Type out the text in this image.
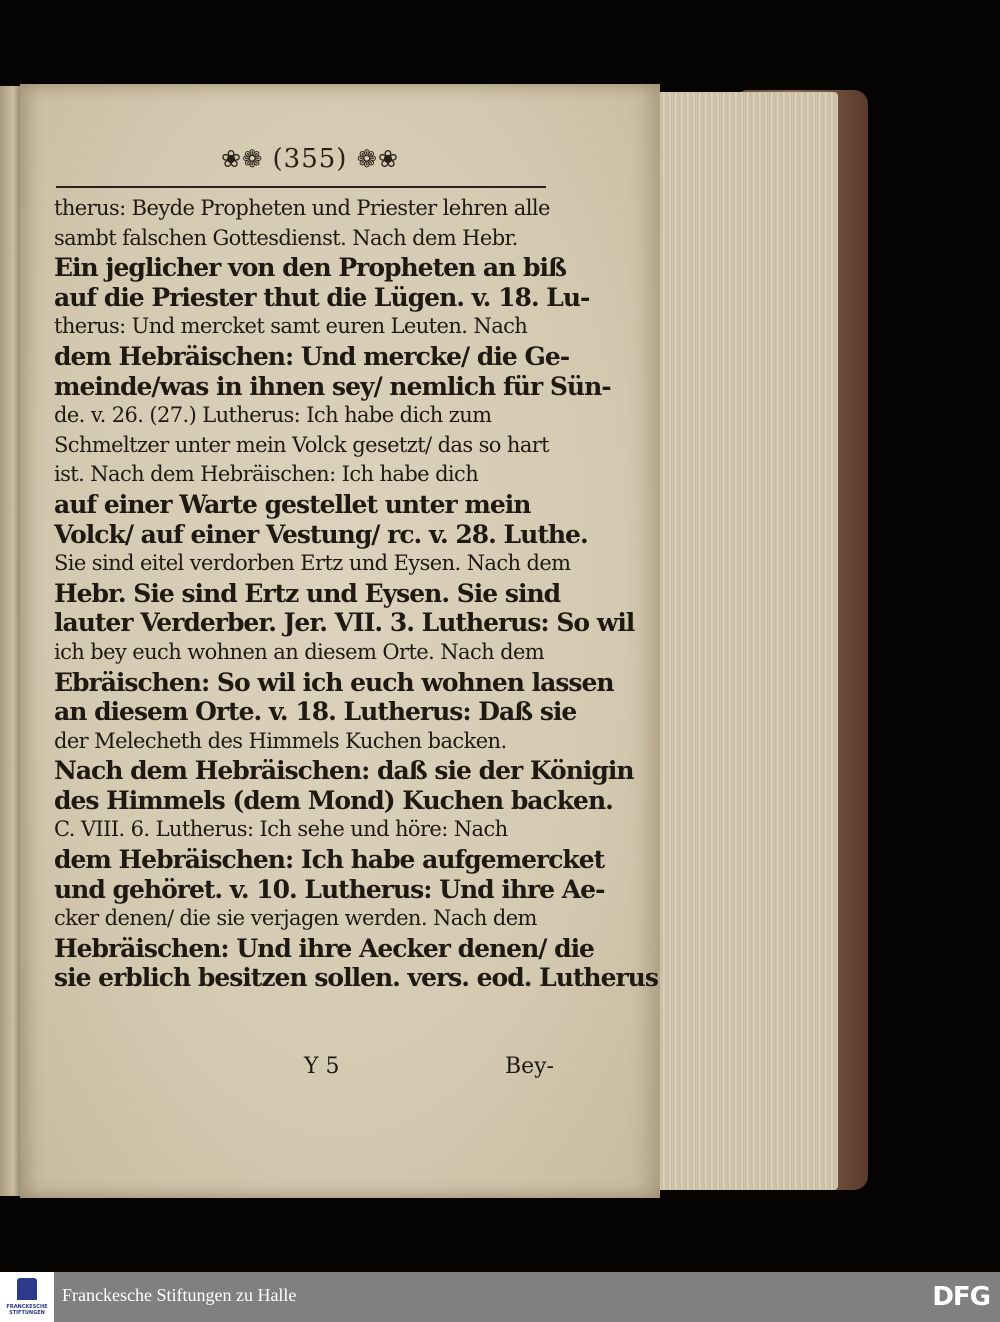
❀❁ (355) ❁❀
therus: Beyde Propheten und Priester lehren alle
sambt falschen Gottesdienst. Nach dem Hebr.
Ein jeglicher von den Propheten an biß
auf die Priester thut die Lügen. v. 18. Lu-
therus: Und mercket samt euren Leuten. Nach
dem Hebräischen: Und mercke/ die Ge-
meinde/was in ihnen sey/ nemlich für Sün-
de. v. 26. (27.) Lutherus: Ich habe dich zum
Schmeltzer unter mein Volck gesetzt/ das so hart
ist. Nach dem Hebräischen: Ich habe dich
auf einer Warte gestellet unter mein
Volck/ auf einer Vestung/ rc. v. 28. Luthe.
Sie sind eitel verdorben Ertz und Eysen. Nach dem
Hebr. Sie sind Ertz und Eysen. Sie sind
lauter Verderber. Jer. VII. 3. Lutherus: So wil
ich bey euch wohnen an diesem Orte. Nach dem
Ebräischen: So wil ich euch wohnen lassen
an diesem Orte. v. 18. Lutherus: Daß sie
der Melecheth des Himmels Kuchen backen.
Nach dem Hebräischen: daß sie der Königin
des Himmels (dem Mond) Kuchen backen.
C. VIII. 6. Lutherus: Ich sehe und höre: Nach
dem Hebräischen: Ich habe aufgemercket
und gehöret. v. 10. Lutherus: Und ihre Ae-
cker denen/ die sie verjagen werden. Nach dem
Hebräischen: Und ihre Aecker denen/ die
sie erblich besitzen sollen. vers. eod. Lutherus
Y 5	Bey-
FRANCKESCHE STIFTUNGEN
Franckesche Stiftungen zu Halle	DFG
